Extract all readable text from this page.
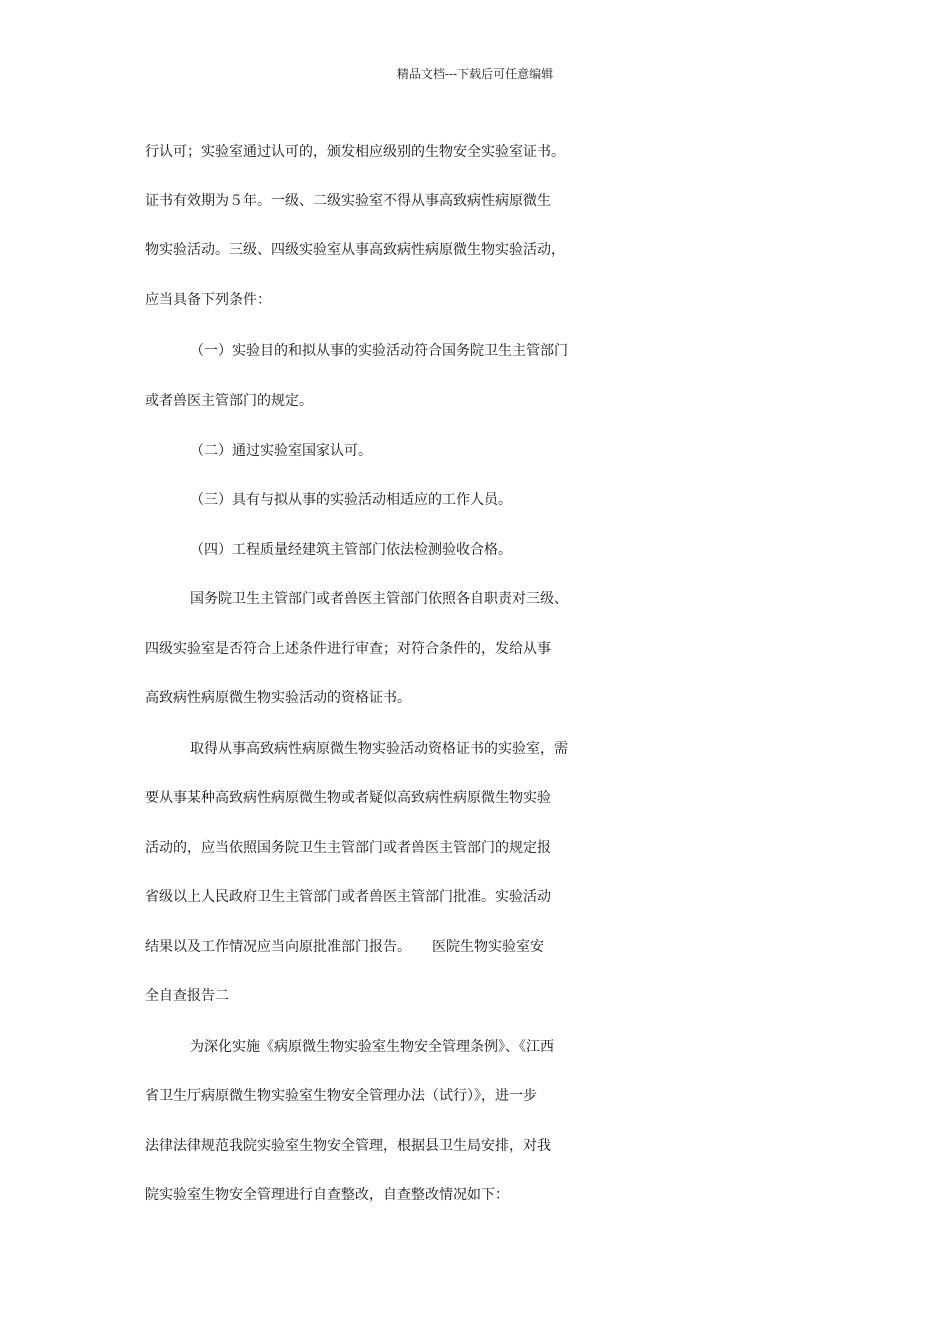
精品文档---下载后可任意编辑
行认可；实验室通过认可的，颁发相应级别的生物安全实验室证书。
证书有效期为５年。一级、二级实验室不得从事高致病性病原微生
物实验活动。三级、四级实验室从事高致病性病原微生物实验活动，
应当具备下列条件：
（一）实验目的和拟从事的实验活动符合国务院卫生主管部门
或者兽医主管部门的规定。
（二）通过实验室国家认可。
（三）具有与拟从事的实验活动相适应的工作人员。
（四）工程质量经建筑主管部门依法检测验收合格。
国务院卫生主管部门或者兽医主管部门依照各自职责对三级、
四级实验室是否符合上述条件进行审查；对符合条件的，发给从事
高致病性病原微生物实验活动的资格证书。
取得从事高致病性病原微生物实验活动资格证书的实验室，需
要从事某种高致病性病原微生物或者疑似高致病性病原微生物实验
活动的，应当依照国务院卫生主管部门或者兽医主管部门的规定报
省级以上人民政府卫生主管部门或者兽医主管部门批准。实验活动
结果以及工作情况应当向原批准部门报告。　　医院生物实验室安
全自查报告二
为深化实施《病原微生物实验室生物安全管理条例》、《江西
省卫生厅病原微生物实验室生物安全管理办法（试行）》，进一步
法律法律规范我院实验室生物安全管理，根据县卫生局安排，对我
院实验室生物安全管理进行自查整改，自查整改情况如下：
